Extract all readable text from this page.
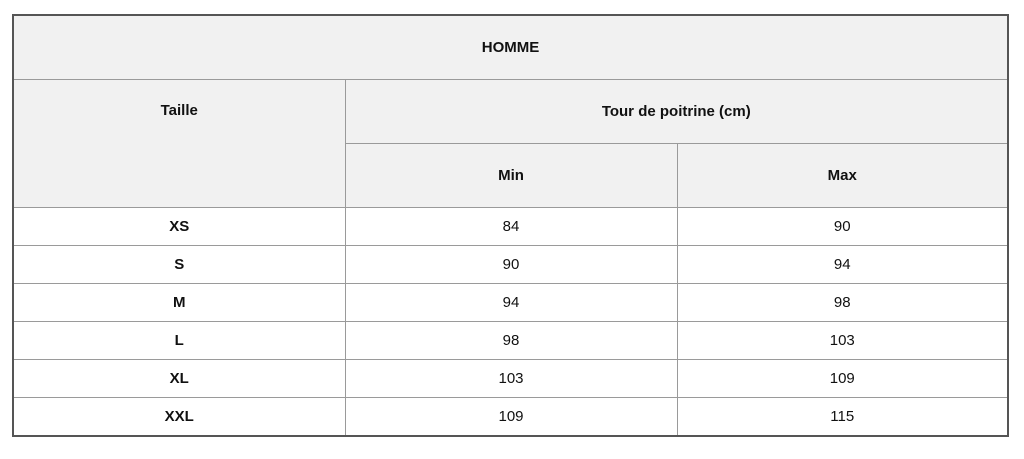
HOMME		
Taille	Tour de poitrine (cm)	
	Min	Max
XS	84	90
S	90	94
M	94	98
L	98	103
XL	103	109
XXL	109	115
